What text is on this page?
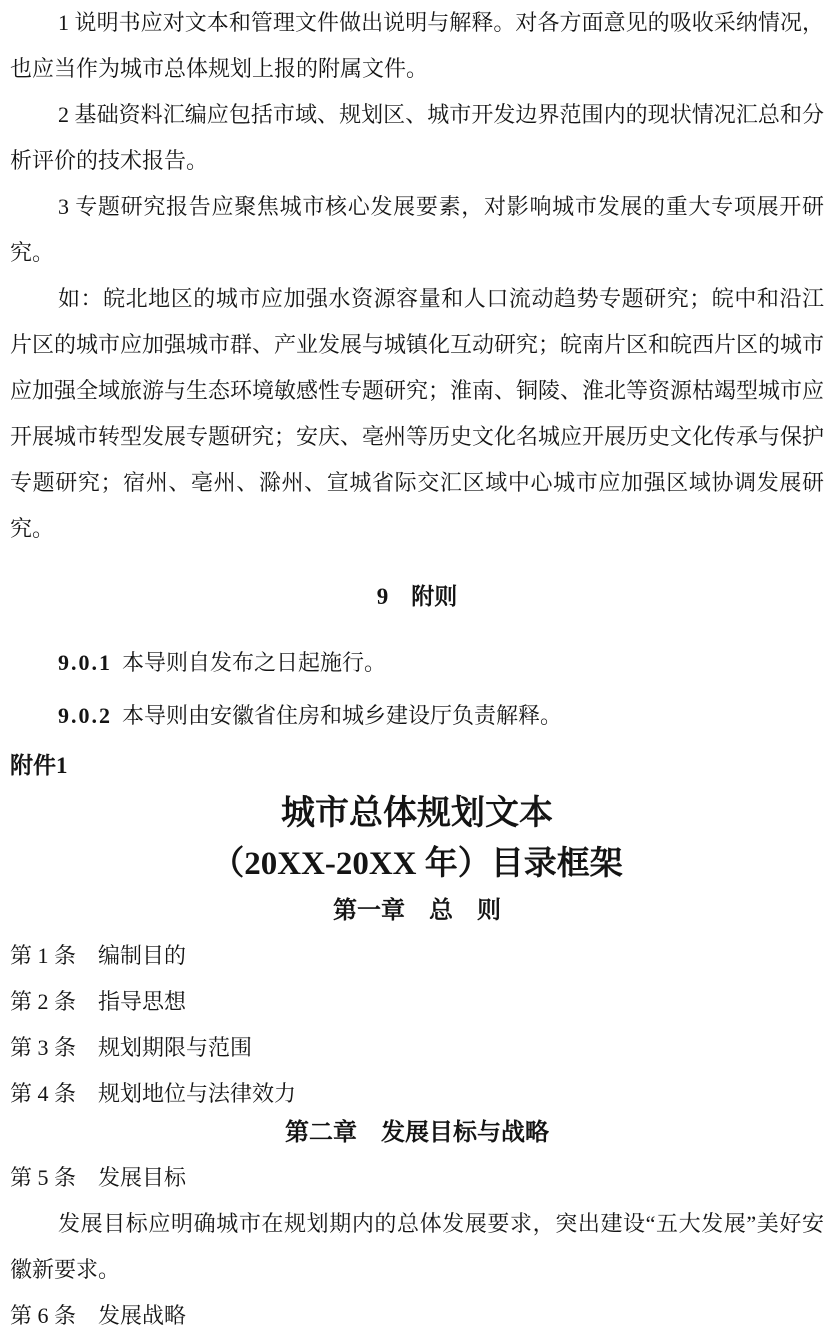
1 说明书应对文本和管理文件做出说明与解释。对各方面意见的吸收采纳情况，也应当作为城市总体规划上报的附属文件。

2 基础资料汇编应包括市域、规划区、城市开发边界范围内的现状情况汇总和分析评价的技术报告。

3 专题研究报告应聚焦城市核心发展要素，对影响城市发展的重大专项展开研究。

如：皖北地区的城市应加强水资源容量和人口流动趋势专题研究；皖中和沿江片区的城市应加强城市群、产业发展与城镇化互动研究；皖南片区和皖西片区的城市应加强全域旅游与生态环境敏感性专题研究；淮南、铜陵、淮北等资源枯竭型城市应开展城市转型发展专题研究；安庆、亳州等历史文化名城应开展历史文化传承与保护专题研究；宿州、亳州、滁州、宣城省际交汇区域中心城市应加强区域协调发展研究。

9　附则

9.0.1 本导则自发布之日起施行。

9.0.2 本导则由安徽省住房和城乡建设厅负责解释。

附件1

城市总体规划文本

（20XX-20XX 年）目录框架

第一章　总　则

第 1 条　编制目的

第 2 条　指导思想

第 3 条　规划期限与范围

第 4 条　规划地位与法律效力

第二章　发展目标与战略

第 5 条　发展目标

发展目标应明确城市在规划期内的总体发展要求，突出建设“五大发展”美好安徽新要求。

第 6 条　发展战略
